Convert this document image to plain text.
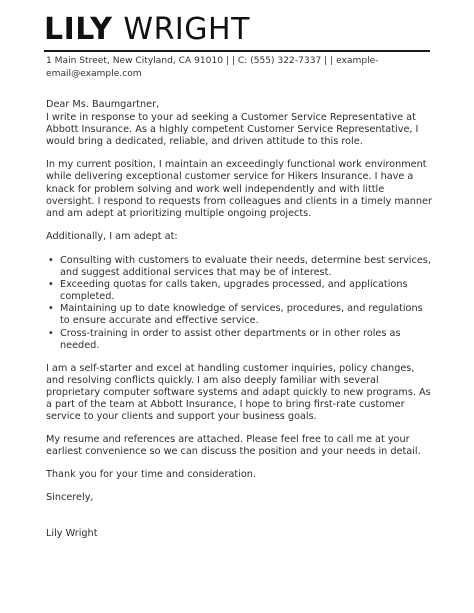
LILY WRIGHT
1 Main Street, New Cityland, CA 91010 | | C: (555) 322-7337 | | example-
email@example.com

Dear Ms. Baumgartner,

I write in response to your ad seeking a Customer Service Representative at Abbott Insurance. As a highly competent Customer Service Representative, I would bring a dedicated, reliable, and driven attitude to this role.

In my current position, I maintain an exceedingly functional work environment while delivering exceptional customer service for Hikers Insurance. I have a knack for problem solving and work well independently and with little oversight. I respond to requests from colleagues and clients in a timely manner and am adept at prioritizing multiple ongoing projects.

Additionally, I am adept at:

• Consulting with customers to evaluate their needs, determine best services, and suggest additional services that may be of interest.
• Exceeding quotas for calls taken, upgrades processed, and applications completed.
• Maintaining up to date knowledge of services, procedures, and regulations to ensure accurate and effective service.
• Cross-training in order to assist other departments or in other roles as needed.

I am a self-starter and excel at handling customer inquiries, policy changes, and resolving conflicts quickly. I am also deeply familiar with several proprietary computer software systems and adapt quickly to new programs. As a part of the team at Abbott Insurance, I hope to bring first-rate customer service to your clients and support your business goals.

My resume and references are attached. Please feel free to call me at your earliest convenience so we can discuss the position and your needs in detail.

Thank you for your time and consideration.

Sincerely,

Lily Wright
